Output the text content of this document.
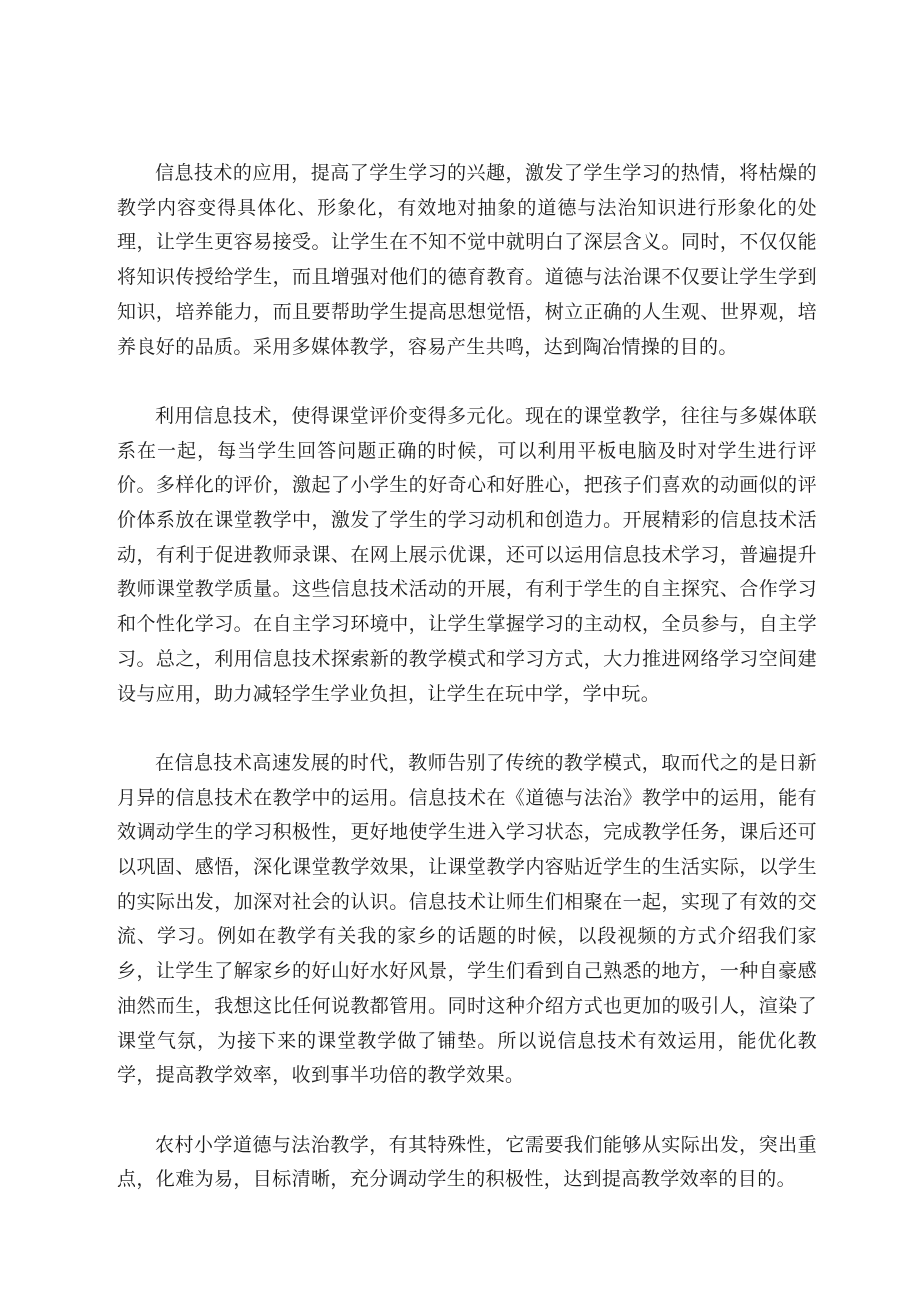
信息技术的应用，提高了学生学习的兴趣，激发了学生学习的热情，将枯燥的教学内容变得具体化、形象化，有效地对抽象的道德与法治知识进行形象化的处理，让学生更容易接受。让学生在不知不觉中就明白了深层含义。同时，不仅仅能将知识传授给学生，而且增强对他们的德育教育。道德与法治课不仅要让学生学到知识，培养能力，而且要帮助学生提高思想觉悟，树立正确的人生观、世界观，培养良好的品质。采用多媒体教学，容易产生共鸣，达到陶冶情操的目的。

利用信息技术，使得课堂评价变得多元化。现在的课堂教学，往往与多媒体联系在一起，每当学生回答问题正确的时候，可以利用平板电脑及时对学生进行评价。多样化的评价，激起了小学生的好奇心和好胜心，把孩子们喜欢的动画似的评价体系放在课堂教学中，激发了学生的学习动机和创造力。开展精彩的信息技术活动，有利于促进教师录课、在网上展示优课，还可以运用信息技术学习，普遍提升教师课堂教学质量。这些信息技术活动的开展，有利于学生的自主探究、合作学习和个性化学习。在自主学习环境中，让学生掌握学习的主动权，全员参与，自主学习。总之，利用信息技术探索新的教学模式和学习方式，大力推进网络学习空间建设与应用，助力减轻学生学业负担，让学生在玩中学，学中玩。

在信息技术高速发展的时代，教师告别了传统的教学模式，取而代之的是日新月异的信息技术在教学中的运用。信息技术在《道德与法治》教学中的运用，能有效调动学生的学习积极性，更好地使学生进入学习状态，完成教学任务，课后还可以巩固、感悟，深化课堂教学效果，让课堂教学内容贴近学生的生活实际，以学生的实际出发，加深对社会的认识。信息技术让师生们相聚在一起，实现了有效的交流、学习。例如在教学有关我的家乡的话题的时候，以段视频的方式介绍我们家乡，让学生了解家乡的好山好水好风景，学生们看到自己熟悉的地方，一种自豪感油然而生，我想这比任何说教都管用。同时这种介绍方式也更加的吸引人，渲染了课堂气氛，为接下来的课堂教学做了铺垫。所以说信息技术有效运用，能优化教学，提高教学效率，收到事半功倍的教学效果。

农村小学道德与法治教学，有其特殊性，它需要我们能够从实际出发，突出重点，化难为易，目标清晰，充分调动学生的积极性，达到提高教学效率的目的。
